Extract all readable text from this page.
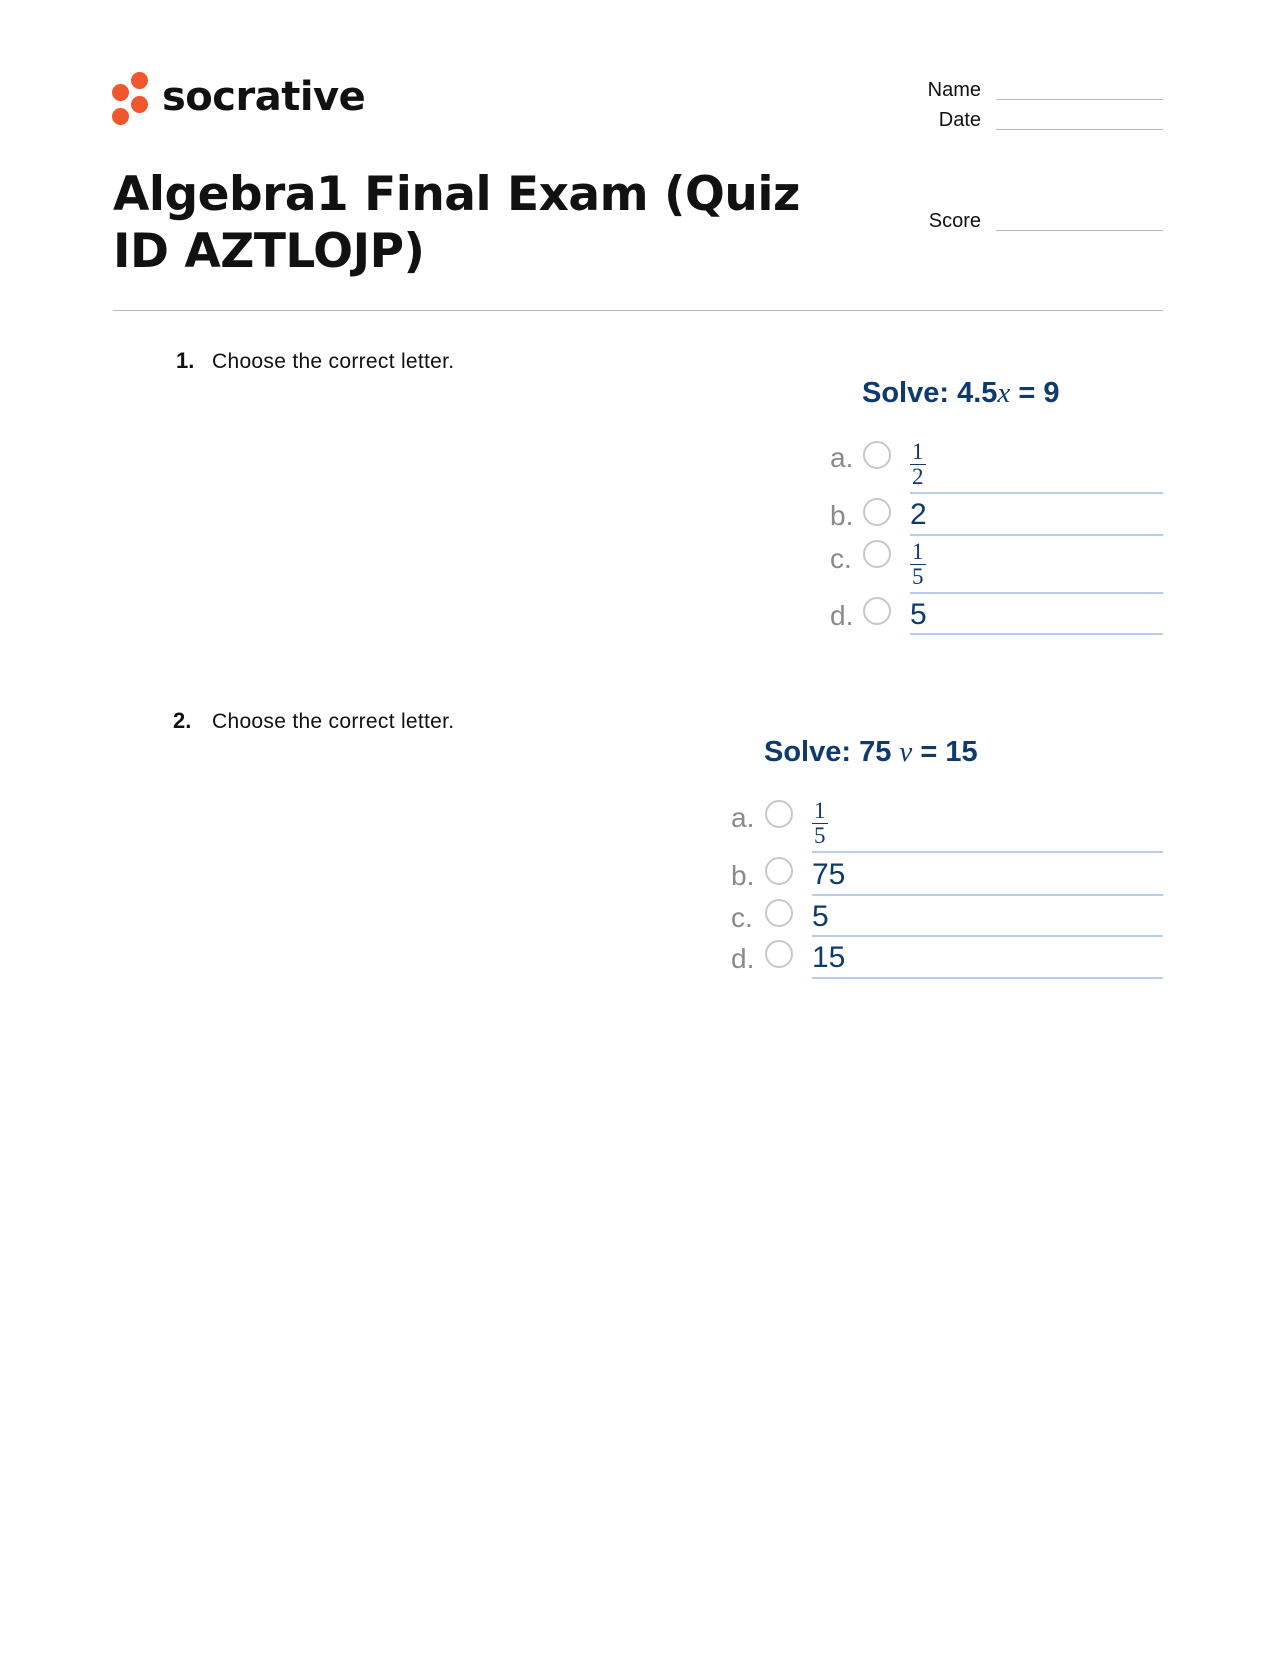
socrative	Name
Date
Score
Algebra1 Final Exam (Quiz ID AZTLOJP)
1. Choose the correct letter.
Solve: 4.5x = 9
a. $\frac{1}{2}$
b. 2
c.	$\frac{1}{5}$
d. 5
2. Choose the correct letter.
Solve: 75 v = 15
a.	$\frac{1}{5}$
b. 75
c. 5
d. 15
